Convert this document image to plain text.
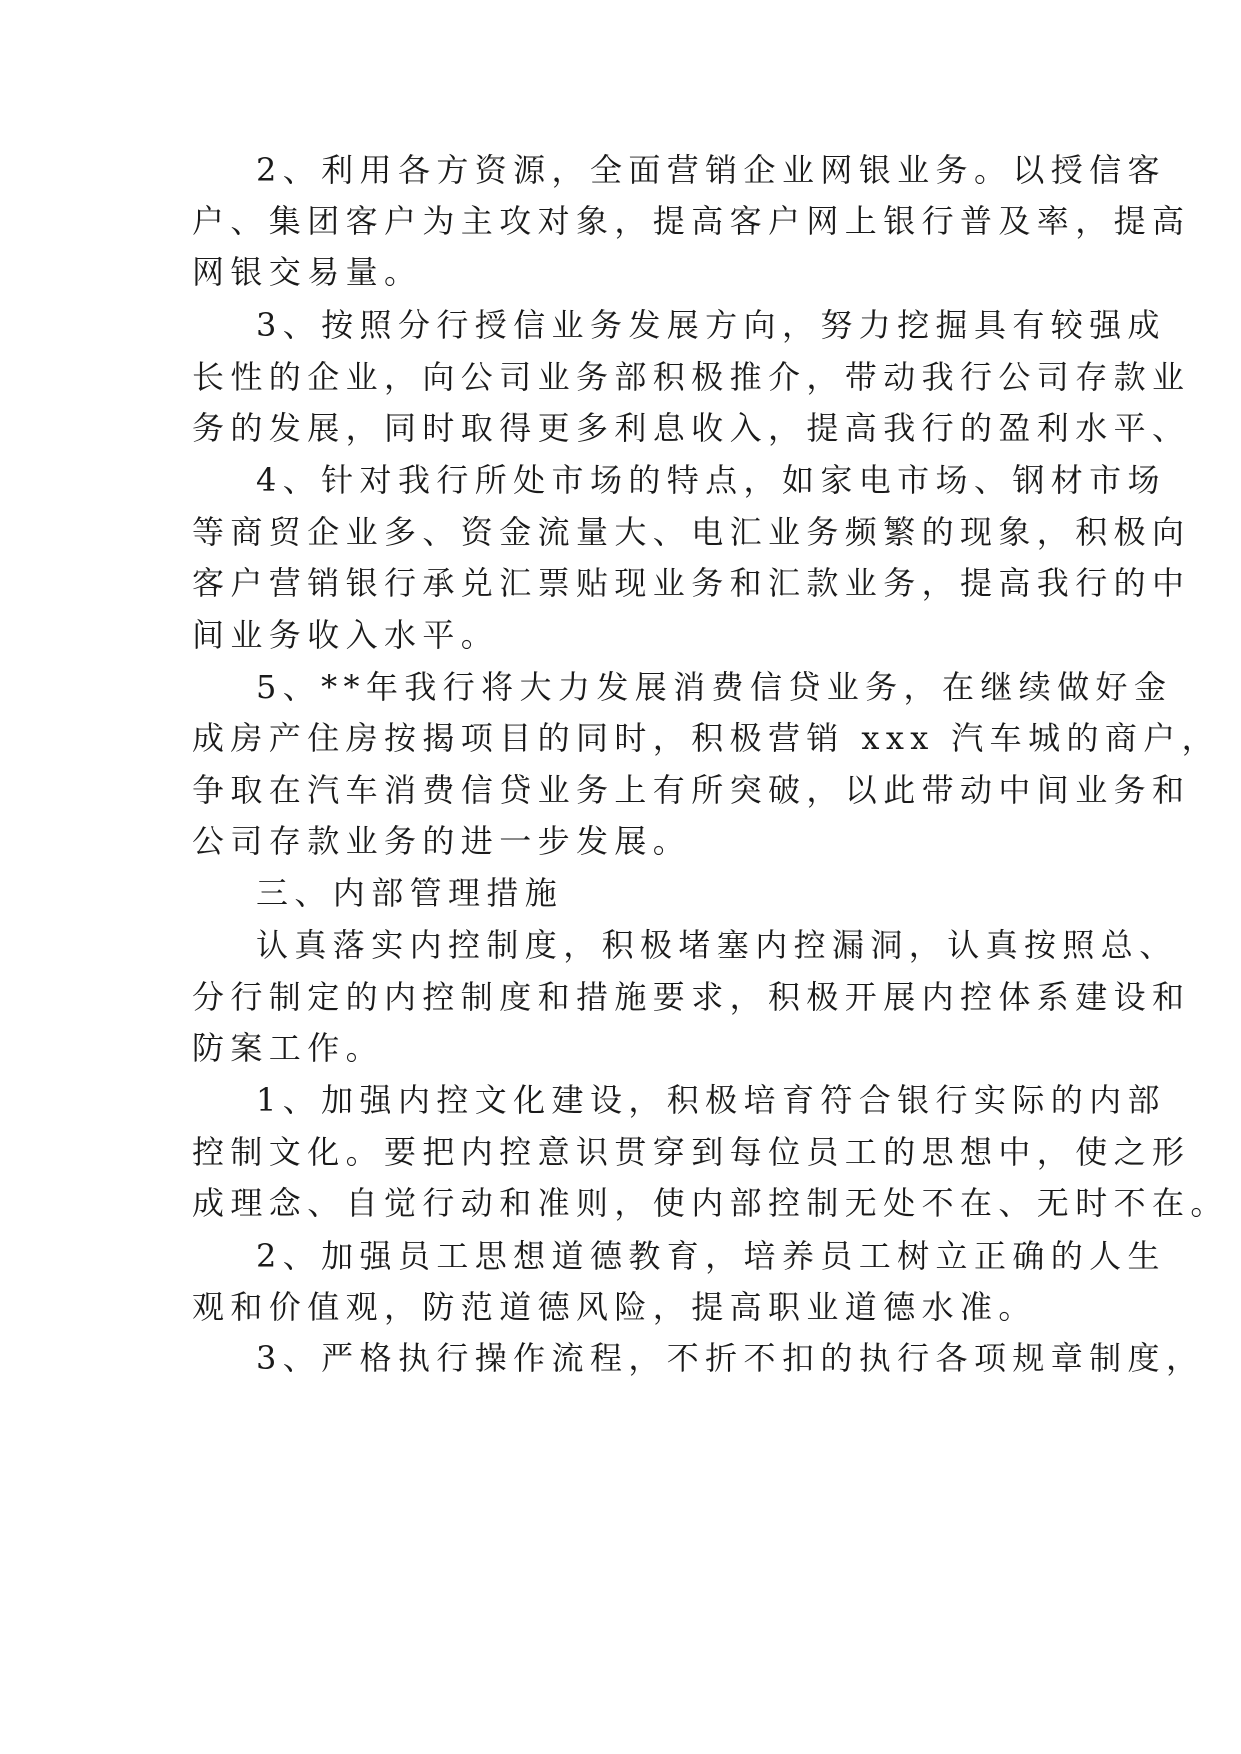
2、利用各方资源，全面营销企业网银业务。以授信客

户、集团客户为主攻对象，提高客户网上银行普及率，提高

网银交易量。

3、按照分行授信业务发展方向，努力挖掘具有较强成

长性的企业，向公司业务部积极推介，带动我行公司存款业

务的发展，同时取得更多利息收入，提高我行的盈利水平、

4、针对我行所处市场的特点，如家电市场、钢材市场

等商贸企业多、资金流量大、电汇业务频繁的现象，积极向

客户营销银行承兑汇票贴现业务和汇款业务，提高我行的中

间业务收入水平。

5、**年我行将大力发展消费信贷业务，在继续做好金

成房产住房按揭项目的同时，积极营销 xxx 汽车城的商户，

争取在汽车消费信贷业务上有所突破，以此带动中间业务和

公司存款业务的进一步发展。

三、内部管理措施

认真落实内控制度，积极堵塞内控漏洞，认真按照总、

分行制定的内控制度和措施要求，积极开展内控体系建设和

防案工作。

1、加强内控文化建设，积极培育符合银行实际的内部

控制文化。要把内控意识贯穿到每位员工的思想中，使之形

成理念、自觉行动和准则，使内部控制无处不在、无时不在。

2、加强员工思想道德教育，培养员工树立正确的人生

观和价值观，防范道德风险，提高职业道德水准。

3、严格执行操作流程，不折不扣的执行各项规章制度，
